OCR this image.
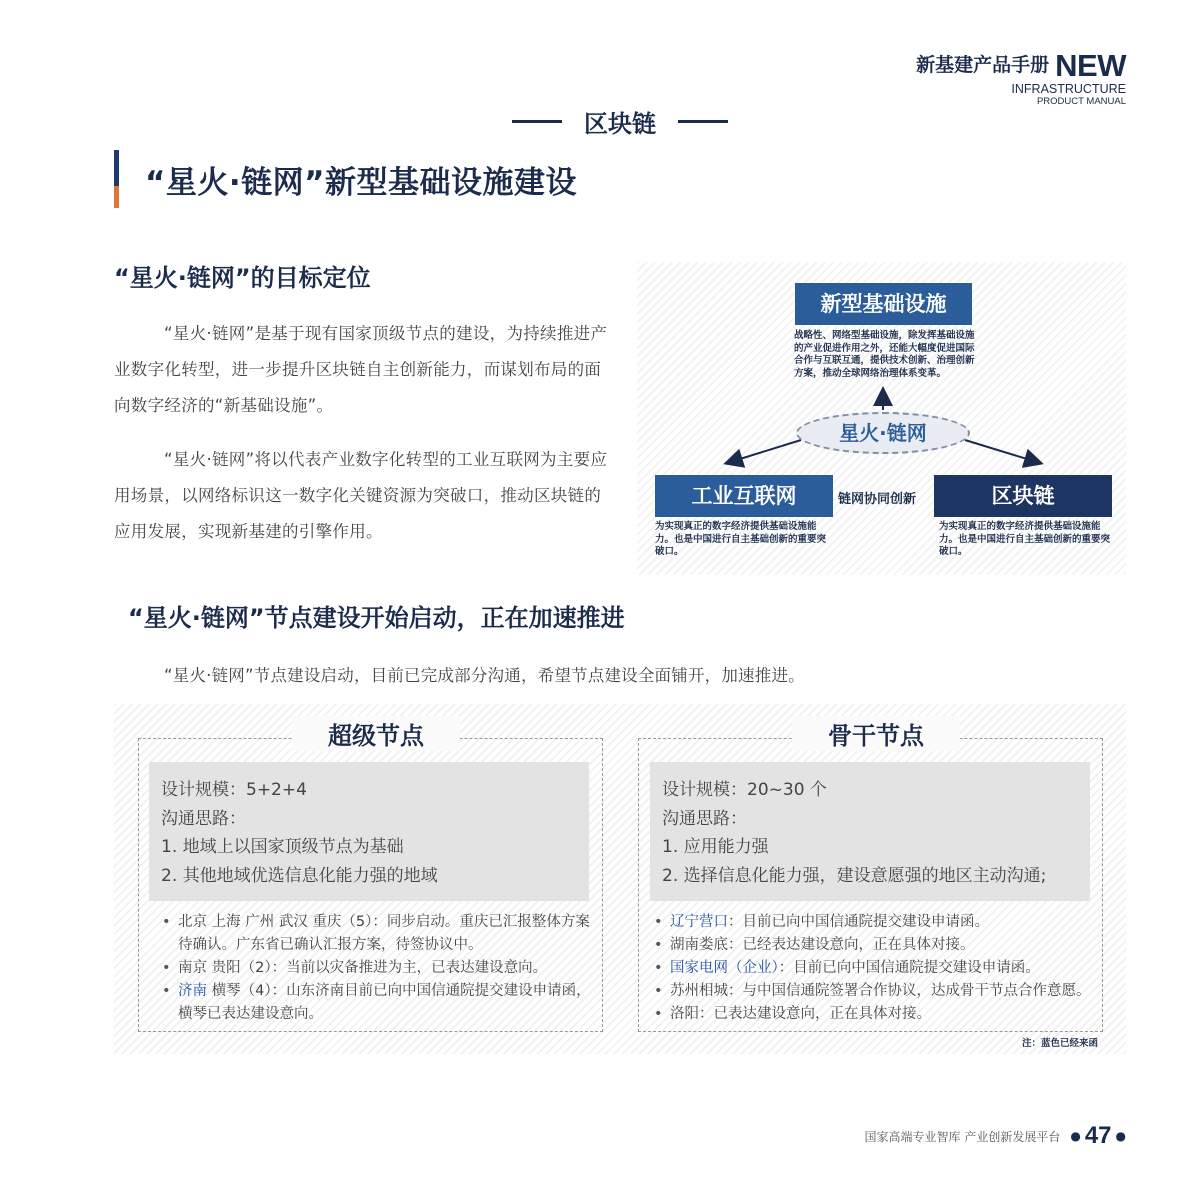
新基建产品手册 NEW
INFRASTRUCTURE
PRODUCT MANUAL
区块链
“星火·链网”新型基础设施建设
“星火·链网”的目标定位

“星火·链网”是基于现有国家顶级节点的建设，为持续推进产业数字化转型，进一步提升区块链自主创新能力，而谋划布局的面向数字经济的“新基础设施”。

“星火·链网”将以代表产业数字化转型的工业互联网为主要应用场景，以网络标识这一数字化关键资源为突破口，推动区块链的应用发展，实现新基建的引擎作用。

新型基础设施
战略性、网络型基础设施，除发挥基础设施的产业促进作用之外，还能大幅度促进国际合作与互联互通，提供技术创新、治理创新方案，推动全球网络治理体系变革。
星火·链网
工业互联网	链网协同创新	区块链
为实现真正的数字经济提供基础设施能力。也是中国进行自主基础创新的重要突破口。
为实现真正的数字经济提供基础设施能力。也是中国进行自主基础创新的重要突破口。
“星火·链网”节点建设开始启动，正在加速推进
“星火·链网”节点建设启动，目前已完成部分沟通，希望节点建设全面铺开，加速推进。
超级节点	骨干节点
设计规模：5+2+4
沟通思路：
1. 地域上以国家顶级节点为基础
2. 其他地域优选信息化能力强的地域
设计规模：20~30 个
沟通思路：
1. 应用能力强
2. 选择信息化能力强，建设意愿强的地区主动沟通;
• 北京 上海 广州 武汉 重庆（5）：同步启动。重庆已汇报整体方案待确认。广东省已确认汇报方案，待签协议中。
• 南京 贵阳（2）：当前以灾备推进为主，已表达建设意向。
• 济南 横琴（4）：山东济南目前已向中国信通院提交建设申请函，横琴已表达建设意向。
• 辽宁营口：目前已向中国信通院提交建设申请函。
• 湖南娄底：已经表达建设意向，正在具体对接。
• 国家电网（企业）：目前已向中国信通院提交建设申请函。
• 苏州相城：与中国信通院签署合作协议，达成骨干节点合作意愿。
• 洛阳：已表达建设意向，正在具体对接。
注：蓝色已经来函
国家高端专业智库 产业创新发展平台 ● 47 ●
